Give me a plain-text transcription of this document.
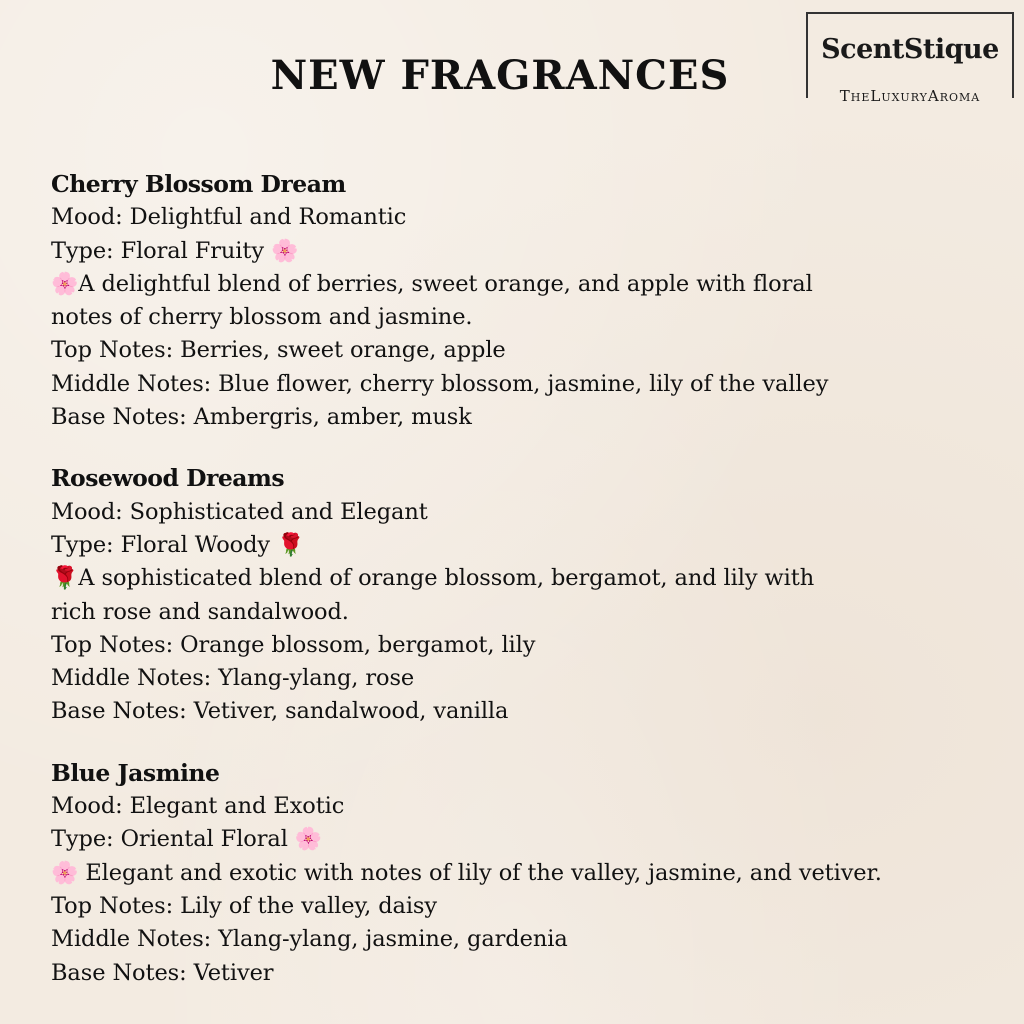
NEW FRAGRANCES
ScentStique
TheLuxuryAroma
Cherry Blossom Dream
Mood: Delightful and Romantic
Type: Floral Fruity 🌸
🌸A delightful blend of berries, sweet orange, and apple with floral
notes of cherry blossom and jasmine.
Top Notes: Berries, sweet orange, apple
Middle Notes: Blue flower, cherry blossom, jasmine, lily of the valley
Base Notes: Ambergris, amber, musk
Rosewood Dreams
Mood: Sophisticated and Elegant
Type: Floral Woody 🌹
🌹A sophisticated blend of orange blossom, bergamot, and lily with
rich rose and sandalwood.
Top Notes: Orange blossom, bergamot, lily
Middle Notes: Ylang-ylang, rose
Base Notes: Vetiver, sandalwood, vanilla
Blue Jasmine
Mood: Elegant and Exotic
Type: Oriental Floral 🌸
🌸 Elegant and exotic with notes of lily of the valley, jasmine, and vetiver.
Top Notes: Lily of the valley, daisy
Middle Notes: Ylang-ylang, jasmine, gardenia
Base Notes: Vetiver
